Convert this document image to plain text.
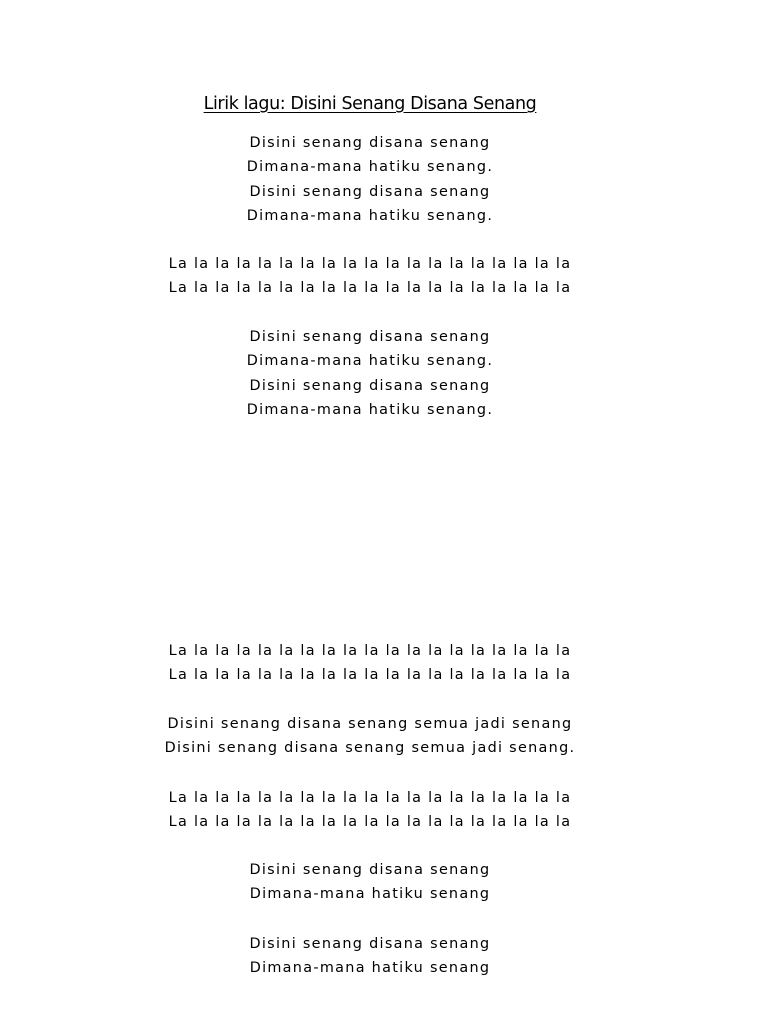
Lirik lagu: Disini Senang Disana Senang
Disini senang disana senang
Dimana-mana hatiku senang.
Disini senang disana senang
Dimana-mana hatiku senang.
La la la la la la la la la la la la la la la la la la la
La la la la la la la la la la la la la la la la la la la
Disini senang disana senang
Dimana-mana hatiku senang.
Disini senang disana senang
Dimana-mana hatiku senang.
La la la la la la la la la la la la la la la la la la la
La la la la la la la la la la la la la la la la la la la
Disini senang disana senang semua jadi senang
Disini senang disana senang semua jadi senang.
La la la la la la la la la la la la la la la la la la la
La la la la la la la la la la la la la la la la la la la
Disini senang disana senang
Dimana-mana hatiku senang
Disini senang disana senang
Dimana-mana hatiku senang
